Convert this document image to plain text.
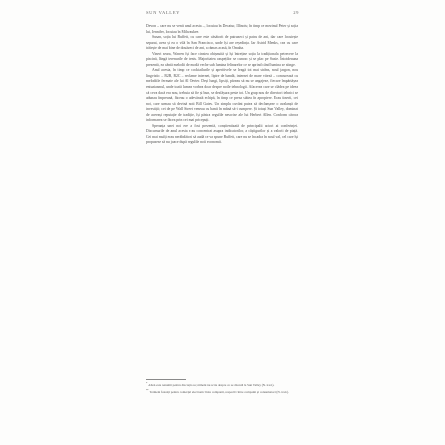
SUN VALLEY	29

Devon – care nu se venit anul acesta –, locuiau în Decatur, Illinois; în timp ce mezinul Peter și soția lui, Jennifer, locuiau în Milwaukee.

Susan, soția lui Buffett, cu care este căsătorit de patruzeci și patru de ani, dar care locuiește separat, avea și ea o vilă în San Francisco, unde își are reședința. Iar Astrid Menks, cea cu care trăiește de mai bine de douăzeci de ani, a rămas acasă, în Omaha.

Vineri seara, Warren își face cinstea obișnuită și își întreține soția la tradiționala petrecere la piscină, lângă terenurile de tenis. Majoritatea oaspeților se cunosc și se plac pe Susie. Întotdeauna prezentă, ea cântă melodii de modă veche sub lumina felinarelor ce se aprind când lumina se stinge.

Anul acesta, în timp ce cocktailurile și aperitivele se leagă tot mai strâns, noul jargon, nou lingvistic – B2B, B2C – reclame internet, lipire de bandă, internet de mare viteză – concurează cu melodiile fermate ale lui Al Oerter. Deși lungi, lipsiți, păreau să nu se angajeze, fiecare împărtășea entuziasmul, unde toată lumea vorbea doar despre noile tehnologii. Afacerea care se clădea pe ideea că ceva dacă era nou, trebuia să fie și bun, se desfășura peste tot. Un grup nou de directori tehnici se adunau împreună, făceau o adevărată echipă, în timp ce presa stătea în apropiere. Erau tinerii, cei noi, care urmau să devină noii Bill Gates. Un simplu cuvânt putea să declanșeze o avalanșă de investiții; cei de pe Wall Street veneau cu banii în mână să-i cumpere. Și totuși Sun Valley, dominat de aceeași reputație de tradiție, își păstra regulile nescrise ale lui Herbert Allen. Conform cărora informarea se făcea prin cei mai pricepuți.

Speranța unei noi ere a fost prezentă, conștientizată de principalii actori ai conferinței. Discursurile de anul acesta s-au concentrat asupra indicatorilor, a câștigurilor și a valorii de piață. Cei mai mulți erau nerăbdători să audă ce va spune Buffett, care nu se încadra în noul val, cel care își propusese să nu joace după regulile noii economii.

*Allen este renumit pentru discreția sa; nimeni nu scrie despre ce se discută la Sun Valley (N. trad.).

**Termeni folosiți pentru comerțul electronic între companii, respectiv între companii și consumatori (N. trad.).
